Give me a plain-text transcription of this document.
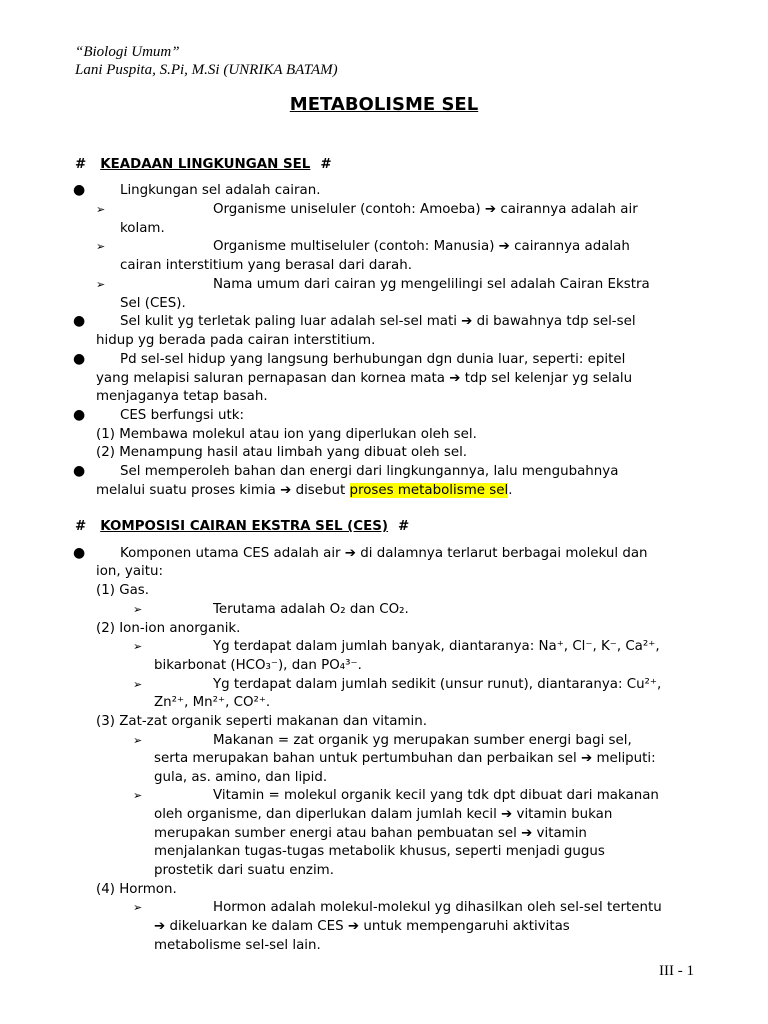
“Biologi Umum”
Lani Puspita, S.Pi, M.Si (UNRIKA BATAM)
METABOLISME SEL
# KEADAAN LINGKUNGAN SEL #
●	Lingkungan sel adalah cairan.
➢	Organisme uniseluler (contoh: Amoeba) ➔ cairannya adalah air
kolam.
➢	Organisme multiseluler (contoh: Manusia) ➔ cairannya adalah
cairan interstitium yang berasal dari darah.
➢	Nama umum dari cairan yg mengelilingi sel adalah Cairan Ekstra
Sel (CES).
●	Sel kulit yg terletak paling luar adalah sel-sel mati ➔ di bawahnya tdp sel-sel
hidup yg berada pada cairan interstitium.
●	Pd sel-sel hidup yang langsung berhubungan dgn dunia luar, seperti: epitel
yang melapisi saluran pernapasan dan kornea mata ➔ tdp sel kelenjar yg selalu
menjaganya tetap basah.
●	CES berfungsi utk:
(1) Membawa molekul atau ion yang diperlukan oleh sel.
(2) Menampung hasil atau limbah yang dibuat oleh sel.
●	Sel memperoleh bahan dan energi dari lingkungannya, lalu mengubahnya
melalui suatu proses kimia ➔ disebut proses metabolisme sel.
# KOMPOSISI CAIRAN EKSTRA SEL (CES) #
●	Komponen utama CES adalah air ➔ di dalamnya terlarut berbagai molekul dan
ion, yaitu:
(1) Gas.
➢	Terutama adalah O₂ dan CO₂.
(2) Ion-ion anorganik.
➢	Yg terdapat dalam jumlah banyak, diantaranya: Na⁺, Cl⁻, K⁻, Ca²⁺,
bikarbonat (HCO₃⁻), dan PO₄³⁻.
➢	Yg terdapat dalam jumlah sedikit (unsur runut), diantaranya: Cu²⁺,
Zn²⁺, Mn²⁺, CO²⁺.
(3) Zat-zat organik seperti makanan dan vitamin.
➢	Makanan = zat organik yg merupakan sumber energi bagi sel,
serta merupakan bahan untuk pertumbuhan dan perbaikan sel ➔ meliputi:
gula, as. amino, dan lipid.
➢	Vitamin = molekul organik kecil yang tdk dpt dibuat dari makanan
oleh organisme, dan diperlukan dalam jumlah kecil ➔ vitamin bukan
merupakan sumber energi atau bahan pembuatan sel ➔ vitamin
menjalankan tugas-tugas metabolik khusus, seperti menjadi gugus
prostetik dari suatu enzim.
(4) Hormon.
➢	Hormon adalah molekul-molekul yg dihasilkan oleh sel-sel tertentu
➔ dikeluarkan ke dalam CES ➔ untuk mempengaruhi aktivitas
metabolisme sel-sel lain.
III - 1
